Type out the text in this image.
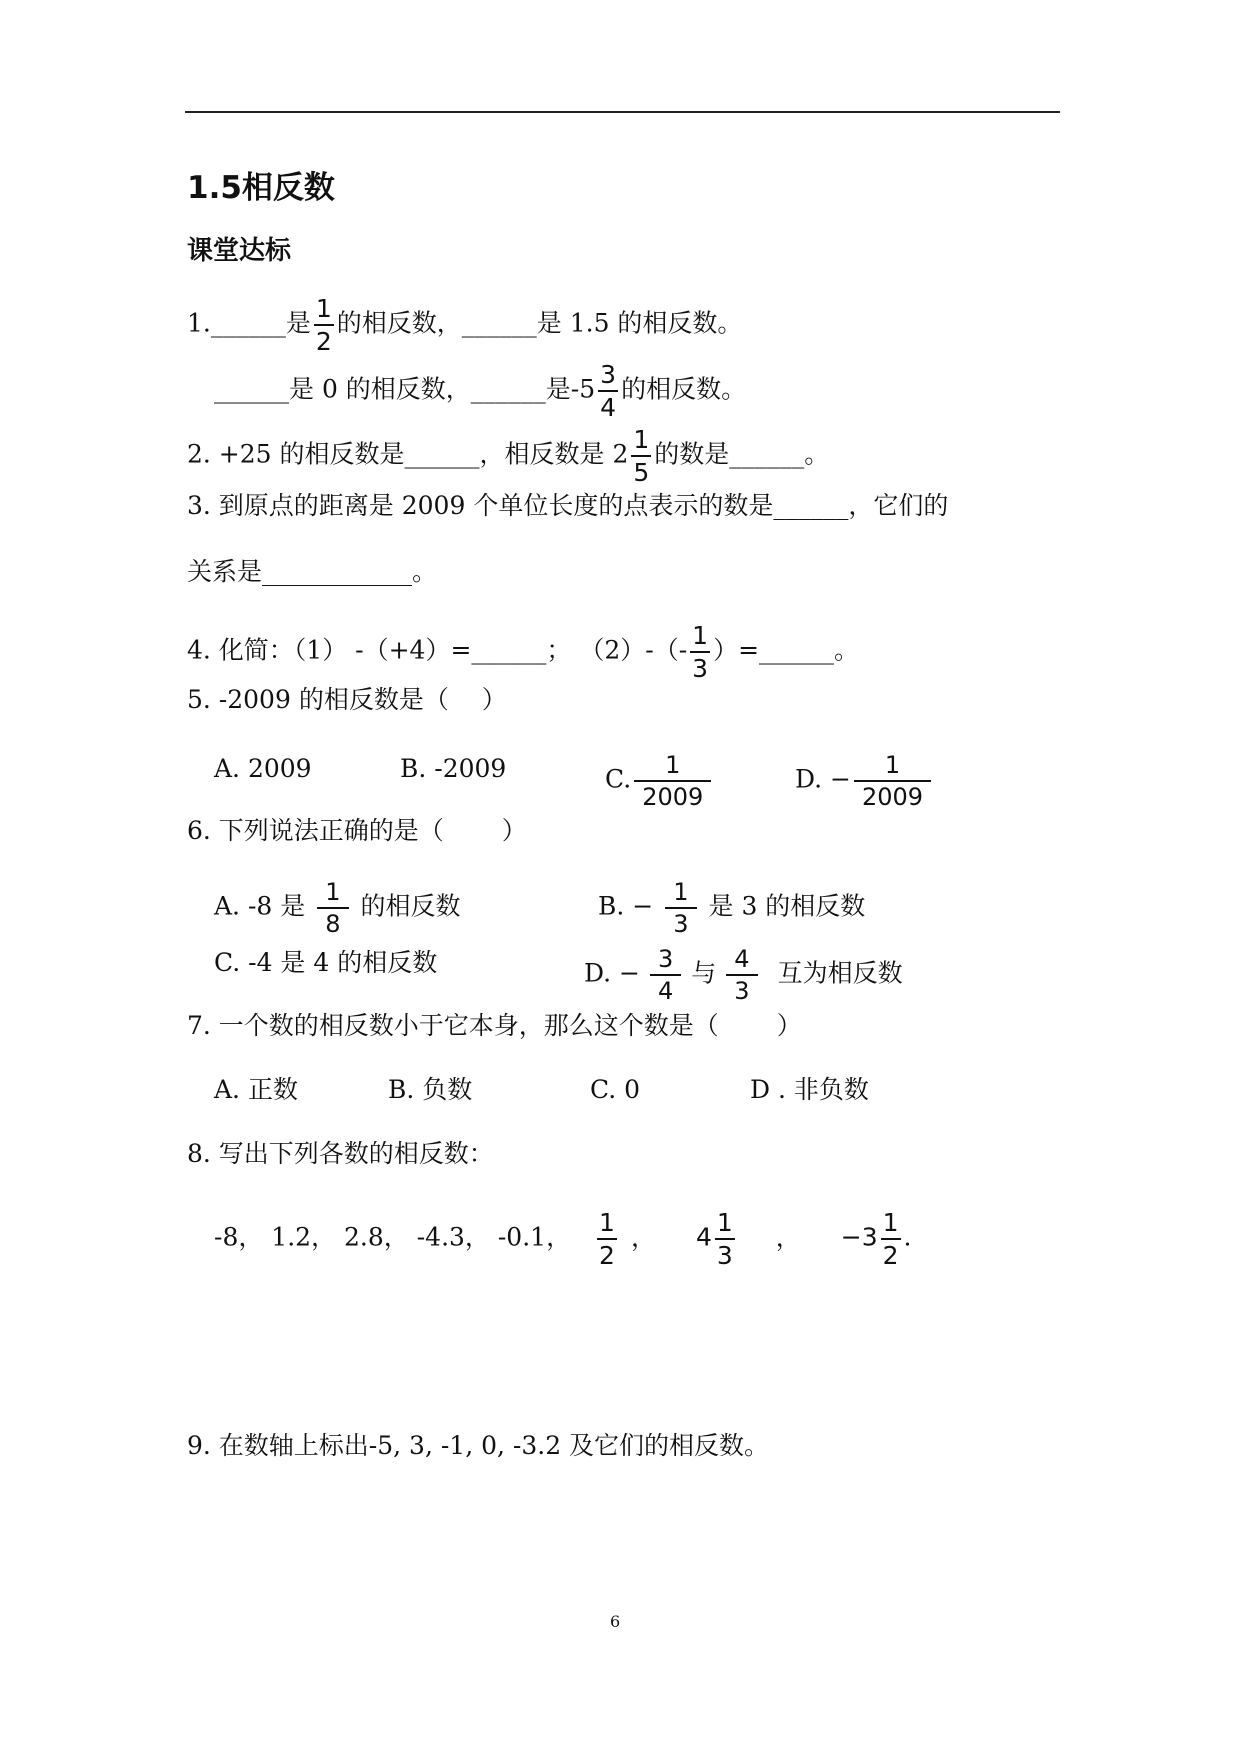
1.5相反数
课堂达标
1.______是 $\frac{1}{2}$ 的相反数，______是 1.5 的相反数。
______是 0 的相反数，______是$-5 \frac{3}{4}$ 的相反数。
2. +25 的相反数是______，相反数是 $2 \frac{1}{5}$ 的数是______。
3. 到原点的距离是 2009 个单位长度的点表示的数是______，它们的
关系是____________。
4. 化简：（1） -（+4）=______； $(2)-(- \frac{1}{3}$ ）=______。
5. -2009 的相反数是（　 ）
A. 2009	B. -2009	C. $\frac{1}{2009}$	D. − $\frac{1}{2009}$
6. 下列说法正确的是（　　 ）
A. -8 是 $\frac{1}{8}$ 的相反数	B. − $\frac{1}{3}$ 是 3 的相反数
C. -4 是 4 的相反数	D. − $\frac{3}{4}$ 与 $\frac{4}{3}$ 互为相反数
7. 一个数的相反数小于它本身，那么这个数是（　　 ）
A. 正数	B. 负数	C. 0	D . 非负数
8. 写出下列各数的相反数：
-8， 1.2， 2.8， -4.3， -0.1， $\frac{1}{2}$ ， $4 \frac{1}{3}$ ， $-3 \frac{1}{2}$ .
9. 在数轴上标出-5, 3, -1, 0, -3.2 及它们的相反数。
6
